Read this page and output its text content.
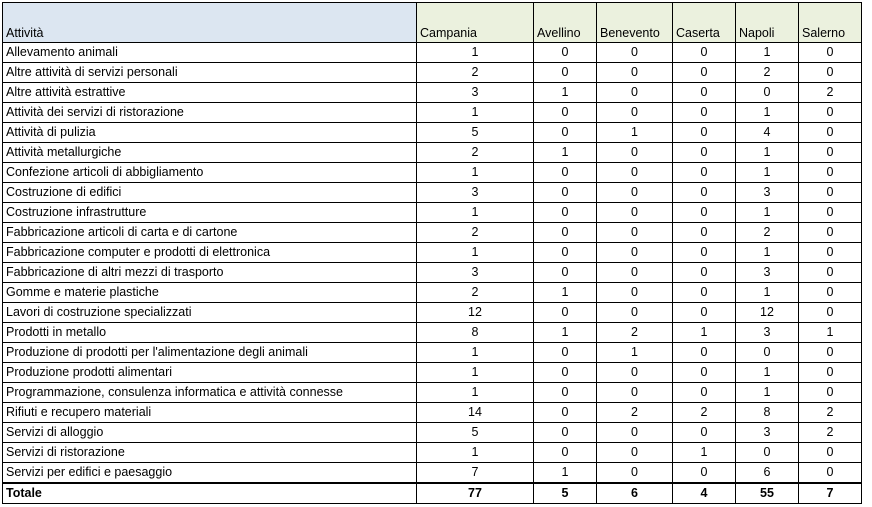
Attività	Campania	Avellino	Benevento	Caserta	Napoli	Salerno
Allevamento animali	1	0	0	0	1	0
Altre attività di servizi personali	2	0	0	0	2	0
Altre attività estrattive	3	1	0	0	0	2
Attività dei servizi di ristorazione	1	0	0	0	1	0
Attività di pulizia	5	0	1	0	4	0
Attività metallurgiche	2	1	0	0	1	0
Confezione articoli di abbigliamento	1	0	0	0	1	0
Costruzione di edifici	3	0	0	0	3	0
Costruzione infrastrutture	1	0	0	0	1	0
Fabbricazione articoli di carta e di cartone	2	0	0	0	2	0
Fabbricazione computer e prodotti di elettronica	1	0	0	0	1	0
Fabbricazione di altri mezzi di trasporto	3	0	0	0	3	0
Gomme e materie plastiche	2	1	0	0	1	0
Lavori di costruzione specializzati	12	0	0	0	12	0
Prodotti in metallo	8	1	2	1	3	1
Produzione di prodotti per l'alimentazione degli animali	1	0	1	0	0	0
Produzione prodotti alimentari	1	0	0	0	1	0
Programmazione, consulenza informatica e attività connesse	1	0	0	0	1	0
Rifiuti e recupero materiali	14	0	2	2	8	2
Servizi di alloggio	5	0	0	0	3	2
Servizi di ristorazione	1	0	0	1	0	0
Servizi per edifici e paesaggio	7	1	0	0	6	0
Totale	77	5	6	4	55	7
